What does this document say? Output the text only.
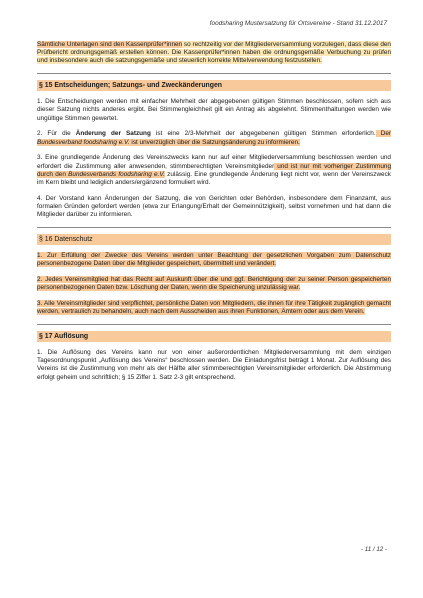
foodsharing Mustersatzung für Ortsvereine - Stand 31.12.2017

Sämtliche Unterlagen sind den Kassenprüfer*innen so rechtzeitig vor der Mitgliederversammlung vorzulegen, dass diese den Prüfbericht ordnungsgemäß erstellen können. Die Kassenprüfer*innen haben die ordnungsgemäße Verbuchung zu prüfen und insbesondere auch die satzungsgemäße und steuerlich korrekte Mittelverwendung festzustellen.

§ 15 Entscheidungen; Satzungs- und Zweckänderungen

1. Die Entscheidungen werden mit einfacher Mehrheit der abgegebenen gültigen Stimmen beschlossen, sofern sich aus dieser Satzung nichts anderes ergibt. Bei Stimmengleichheit gilt ein Antrag als abgelehnt. Stimmenthaltungen werden wie ungültige Stimmen gewertet.

2. Für die Änderung der Satzung ist eine 2/3-Mehrheit der abgegebenen gültigen Stimmen erforderlich. Der Bundesverband foodsharing e.V. ist unverzüglich über die Satzungsänderung zu informieren.

3. Eine grundlegende Änderung des Vereinszwecks kann nur auf einer Mitgliederversammlung beschlossen werden und erfordert die Zustimmung aller anwesenden, stimmberechtigten Vereinsmitglieder und ist nur mit vorheriger Zustimmung durch den Bundesverbands foodsharing e.V. zulässig. Eine grundlegende Änderung liegt nicht vor, wenn der Vereinszweck im Kern bleibt und lediglich anders/ergänzend formuliert wird.

4. Der Vorstand kann Änderungen der Satzung, die von Gerichten oder Behörden, insbesondere dem Finanzamt, aus formalen Gründen gefordert werden (etwa zur Erlangung/Erhalt der Gemeinnützigkeit), selbst vornehmen und hat dann die Mitglieder darüber zu informieren.

§ 16 Datenschutz

1. Zur Erfüllung der Zwecke des Vereins werden unter Beachtung der gesetzlichen Vorgaben zum Datenschutz personenbezogene Daten über die Mitglieder gespeichert, übermittelt und verändert.

2. Jedes Vereinsmitglied hat das Recht auf Auskunft über die und ggf. Berichtigung der zu seiner Person gespeicherten personenbezogenen Daten bzw. Löschung der Daten, wenn die Speicherung unzulässig war.

3. Alle Vereinsmitglieder sind verpflichtet, persönliche Daten von Mitgliedern, die ihnen für ihre Tätigkeit zugänglich gemacht werden, vertraulich zu behandeln, auch nach dem Ausscheiden aus ihren Funktionen, Ämtern oder aus dem Verein.

§ 17 Auflösung

1. Die Auflösung des Vereins kann nur von einer außerordentlichen Mitgliederversammlung mit dem einzigen Tagesordnungspunkt „Auflösung des Vereins“ beschlossen werden. Die Einladungsfrist beträgt 1 Monat. Zur Auflösung des Vereins ist die Zustimmung von mehr als der Hälfte aller stimmberechtigten Vereinsmitglieder erforderlich. Die Abstimmung erfolgt geheim und schriftlich; § 15 Ziffer 1. Satz 2-3 gilt entsprechend.

- 11 / 12 -
